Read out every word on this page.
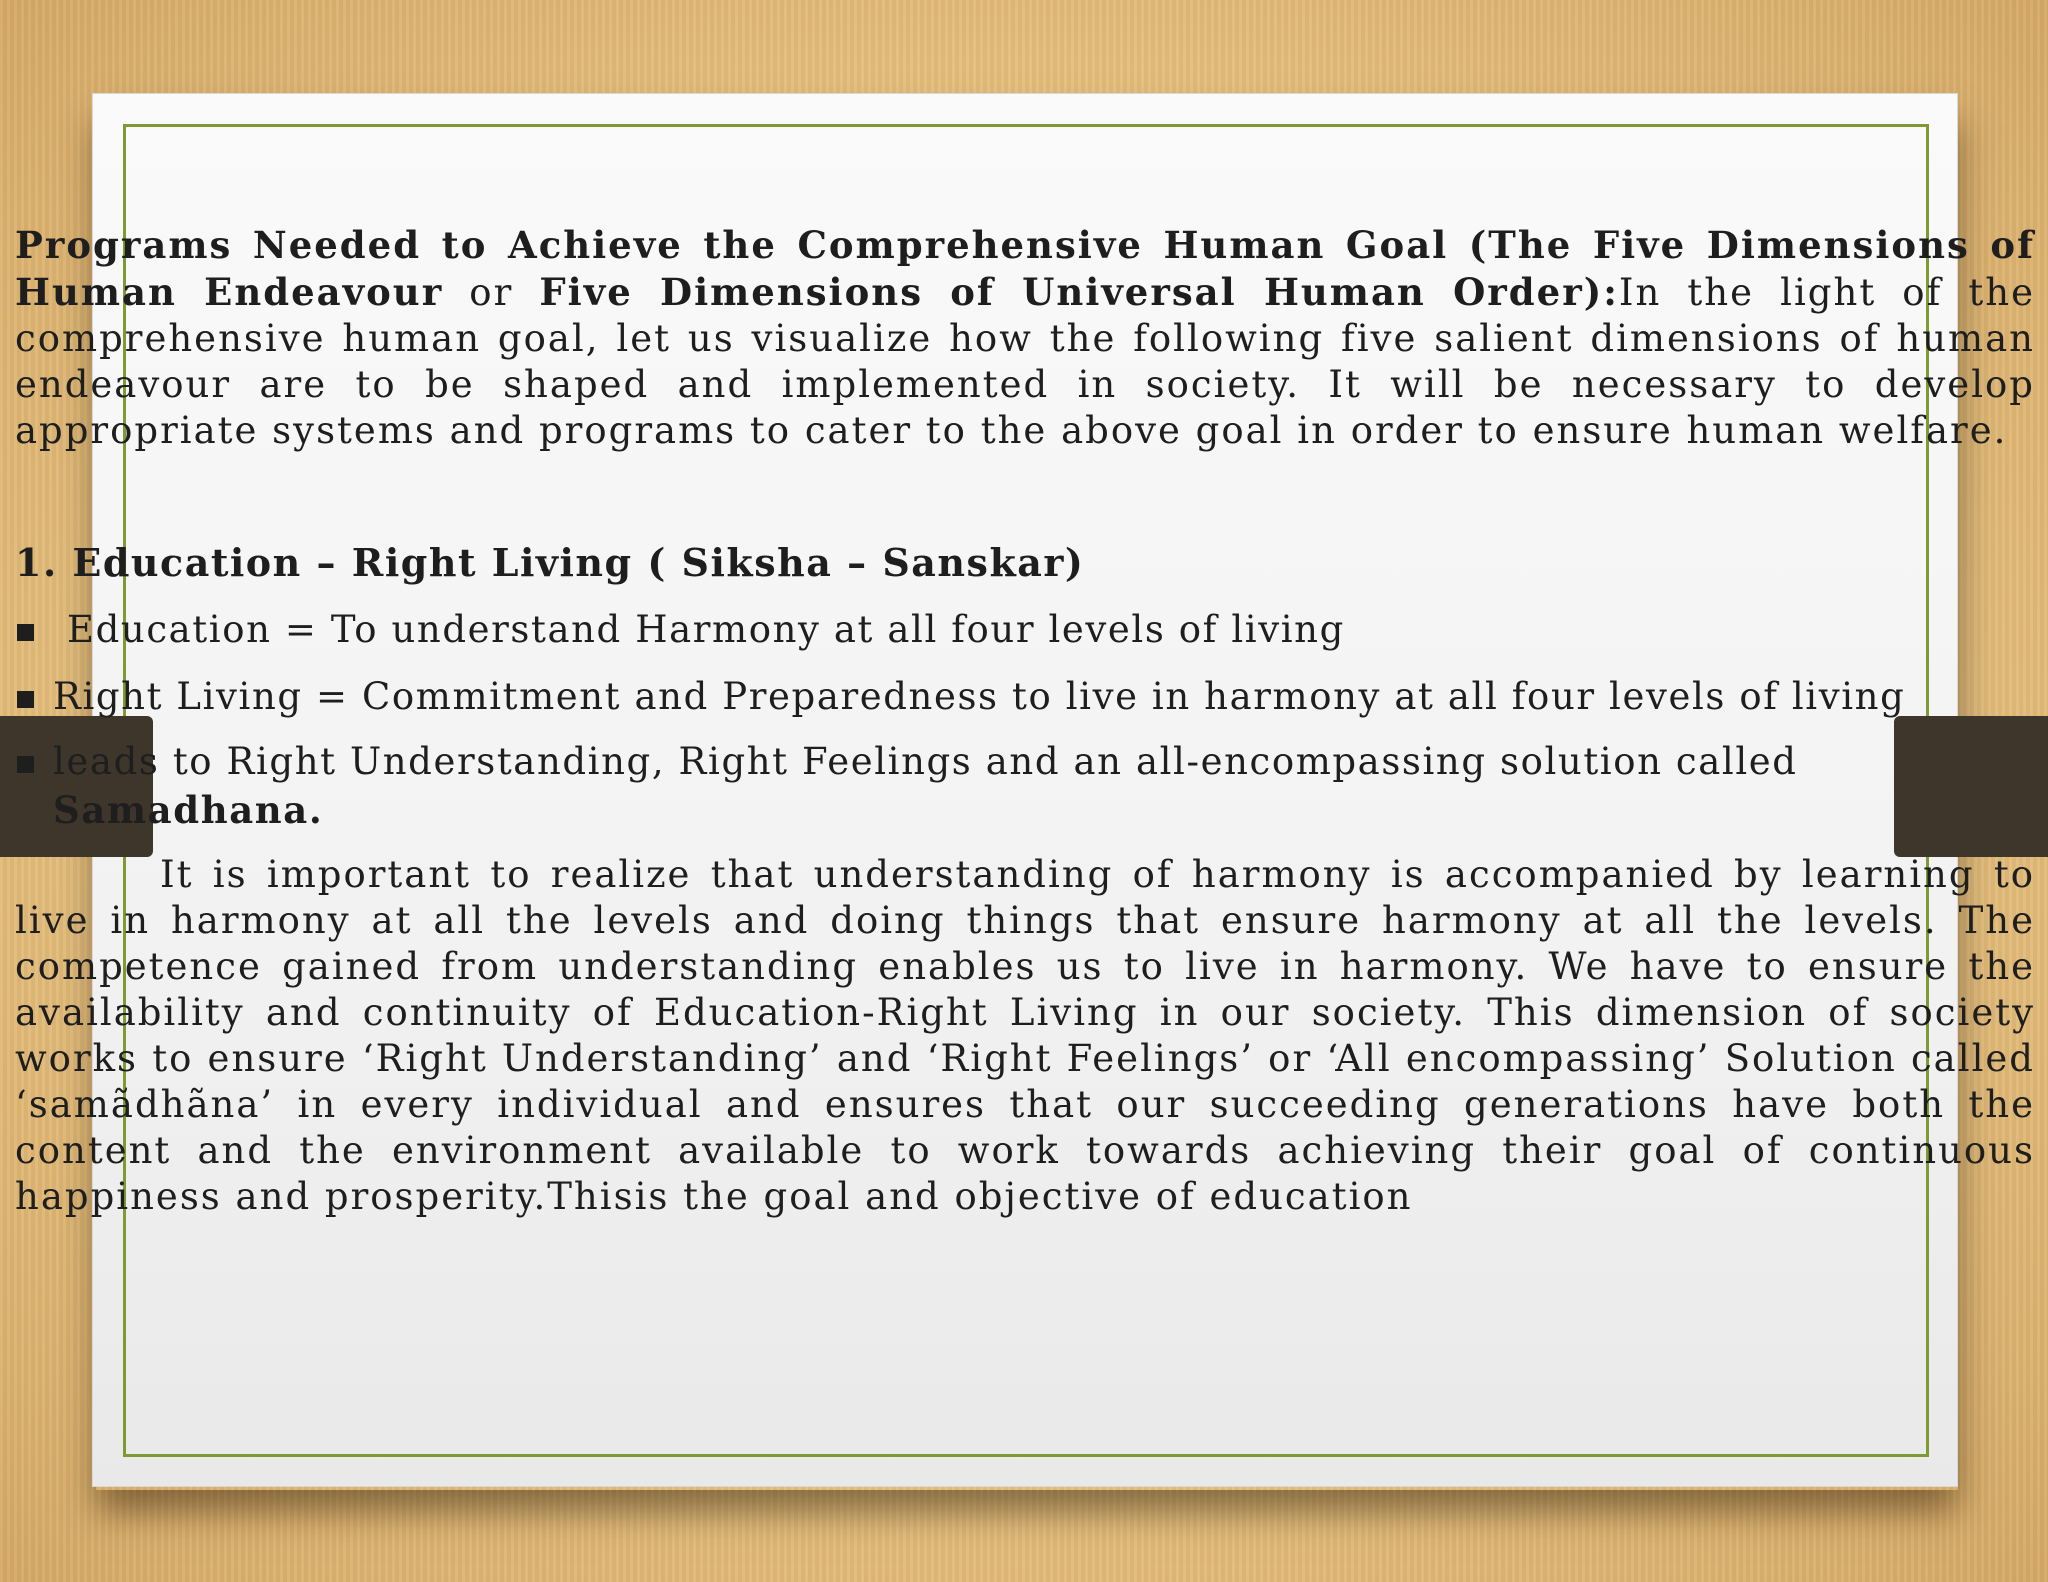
Programs Needed to Achieve the Comprehensive Human Goal (The Five Dimensions of Human Endeavour or Five Dimensions of Universal Human Order):In the light of the comprehensive human goal, let us visualize how the following five salient dimensions of human endeavour are to be shaped and implemented in society. It will be necessary to develop appropriate systems and programs to cater to the above goal in order to ensure human welfare.

1. Education – Right Living ( Siksha – Sanskar)
Education = To understand Harmony at all four levels of living
Right Living = Commitment and Preparedness to live in harmony at all four levels of living
leads to Right Understanding, Right Feelings and an all-encompassing solution called
Samadhana.

It is important to realize that understanding of harmony is accompanied by learning to live in harmony at all the levels and doing things that ensure harmony at all the levels. The competence gained from understanding enables us to live in harmony. We have to ensure the availability and continuity of Education-Right Living in our society. This dimension of society works to ensure ‘Right Understanding’ and ‘Right Feelings’ or ‘All encompassing’ Solution called ‘samãdhãna’ in every individual and ensures that our succeeding generations have both the content and the environment available to work towards achieving their goal of continuous happiness and prosperity.Thisis the goal and objective of education
